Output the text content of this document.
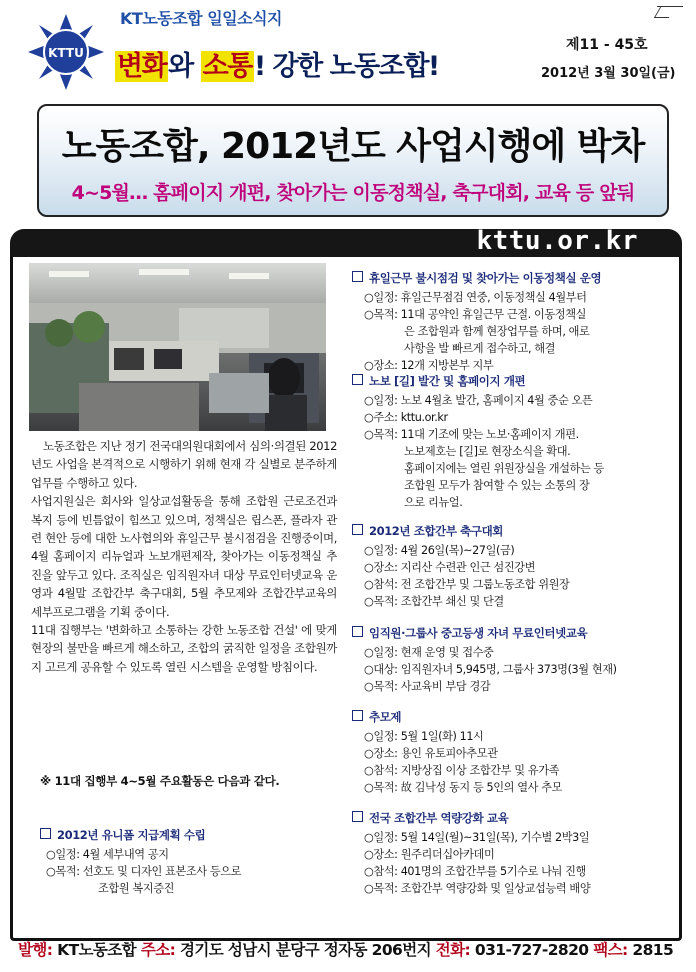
KTTU
KT노동조합 일일소식지
변화와 소통! 강한 노동조합!
제11 - 45호
2012년 3월 30일(금)
노동조합, 2012년도 사업시행에 박차
4~5월… 홈페이지 개편, 찾아가는 이동정책실, 축구대회, 교육 등 앞둬
kttu.or.kr

노동조합은 지난 정기 전국대의원대회에서 심의·의결된 2012년도 사업을 본격적으로 시행하기 위해 현재 각 실별로 분주하게 업무를 수행하고 있다.

사업지원실은 회사와 일상교섭활동을 통해 조합원 근로조건과 복지 등에 빈틈없이 힘쓰고 있으며, 정책실은 립스폰, 플라자 관련 현안 등에 대한 노사협의와 휴일근무 불시점검을 진행중이며, 4월 홈페이지 리뉴얼과 노보개편제작, 찾아가는 이동정책실 추진을 앞두고 있다. 조직실은 임직원자녀 대상 무료인터넷교육 운영과 4월말 조합간부 축구대회, 5월 추모제와 조합간부교육의 세부프로그램을 기획 중이다.

11대 집행부는 '변화하고 소통하는 강한 노동조합 건설' 에 맞게 현장의 불만을 빠르게 해소하고, 조합의 굵직한 일정을 조합원까지 고르게 공유할 수 있도록 열린 시스템을 운영할 방침이다.

※ 11대 집행부 4~5월 주요활동은 다음과 같다.
2012년 유니폼 지급계획 수립
○일정: 4월 세부내역 공지
○목적: 선호도 및 디자인 표본조사 등으로
조합원 복지증진
휴일근무 불시점검 및 찾아가는 이동정책실 운영
○일정: 휴일근무점검 연중, 이동정책실 4월부터
○목적: 11대 공약인 휴일근무 근절. 이동정책실
은 조합원과 함께 현장업무를 하며, 애로
사항을 발 빠르게 접수하고, 해결
○장소: 12개 지방본부 지부
노보 [길] 발간 및 홈페이지 개편
○일정: 노보 4월초 발간, 홈페이지 4월 중순 오픈
○주소: kttu.or.kr
○목적: 11대 기조에 맞는 노보·홈페이지 개편.
노보제호는 [길]로 현장소식을 확대.
홈페이지에는 열린 위원장실을 개설하는 등
조합원 모두가 참여할 수 있는 소통의 장
으로 리뉴얼.
2012년 조합간부 축구대회
○일정: 4월 26일(목)~27일(금)
○장소: 지리산 수련관 인근 섬진강변
○참석: 전 조합간부 및 그룹노동조합 위원장
○목적: 조합간부 쇄신 및 단결
임직원·그룹사 중고등생 자녀 무료인터넷교육
○일정: 현재 운영 및 접수중
○대상: 임직원자녀 5,945명, 그룹사 373명(3월 현재)
○목적: 사교육비 부담 경감
추모제
○일정: 5월 1일(화) 11시
○장소: 용인 유토피아추모관
○참석: 지방상집 이상 조합간부 및 유가족
○목적: 故 김낙성 동지 등 5인의 열사 추모
전국 조합간부 역량강화 교육
○일정: 5월 14일(월)~31일(목), 기수별 2박3일
○장소: 원주리더십아카데미
○참석: 401명의 조합간부를 5기수로 나눠 진행
○목적: 조합간부 역량강화 및 일상교섭능력 배양
발행: KT노동조합 주소: 경기도 성남시 분당구 정자동 206번지 전화: 031-727-2820 팩스: 2815
